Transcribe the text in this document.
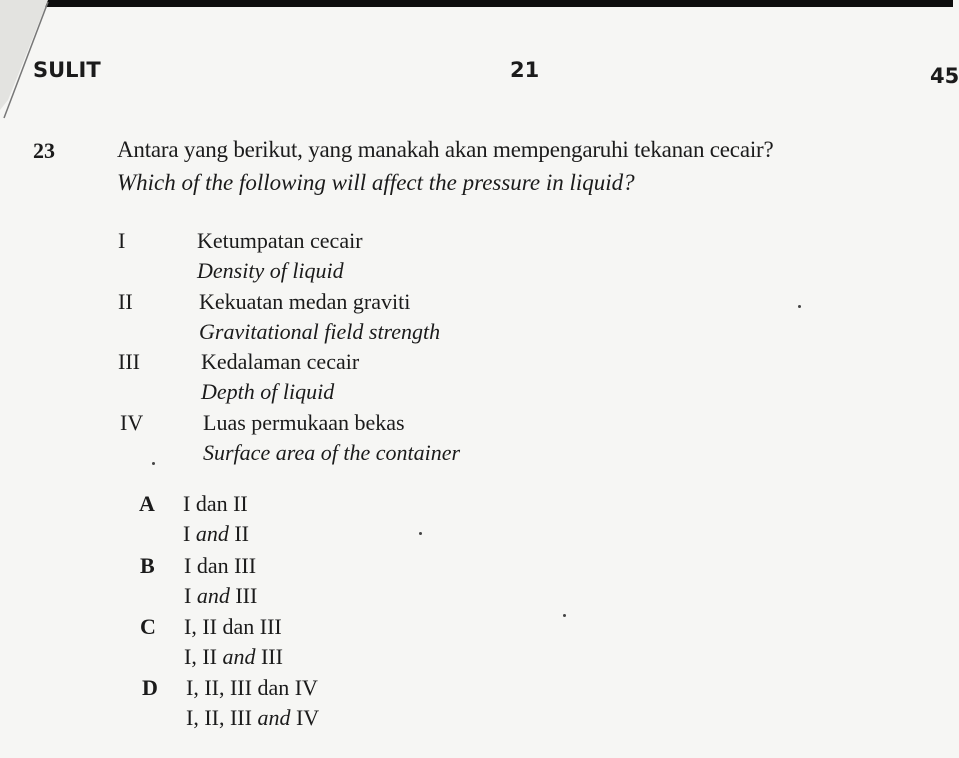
SULIT	21	45
23	Antara yang berikut, yang manakah akan mempengaruhi tekanan cecair?
Which of the following will affect the pressure in liquid?
I	Ketumpatan cecair
Density of liquid
II	Kekuatan medan graviti
Gravitational field strength
III	Kedalaman cecair
Depth of liquid
IV	Luas permukaan bekas
Surface area of the container
A I dan II
I and II
B I dan III
I and III
C I, II dan III
I, II and III
D I, II, III dan IV
I, II, III and IV
